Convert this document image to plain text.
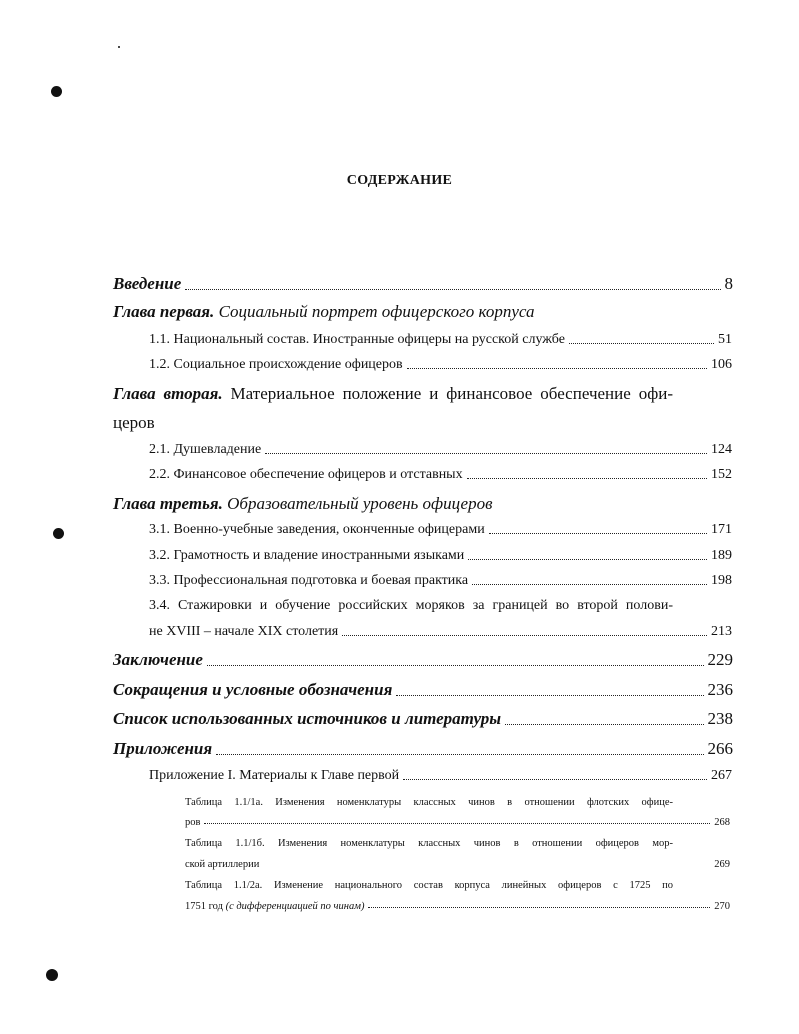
СОДЕРЖАНИЕ
Введение	8
Глава первая. Социальный портрет офицерского корпуса
1.1. Национальный состав. Иностранные офицеры на русской службе	51
1.2. Социальное происхождение офицеров	106
Глава вторая. Материальное положение и финансовое обеспечение офи-
церов
2.1. Душевладение	124
2.2. Финансовое обеспечение офицеров и отставных	152
Глава третья. Образовательный уровень офицеров
3.1. Военно-учебные заведения, оконченные офицерами	171
3.2. Грамотность и владение иностранными языками	189
3.3. Профессиональная подготовка и боевая практика	198
3.4. Стажировки и обучение российских моряков за границей во второй полови-
не XVIII – начале XIX столетия	213
Заключение	229
Сокращения и условные обозначения	236
Список использованных источников и литературы	238
Приложения	266
Приложение I. Материалы к Главе первой	267
Таблица 1.1/1а. Изменения номенклатуры классных чинов в отношении флотских офице-
ров	268
Таблица 1.1/1б. Изменения номенклатуры классных чинов в отношении офицеров мор-
ской артиллерии	269
Таблица 1.1/2а. Изменение национального состав корпуса линейных офицеров с 1725 по
1751 год (с дифференциацией по чинам)	270
